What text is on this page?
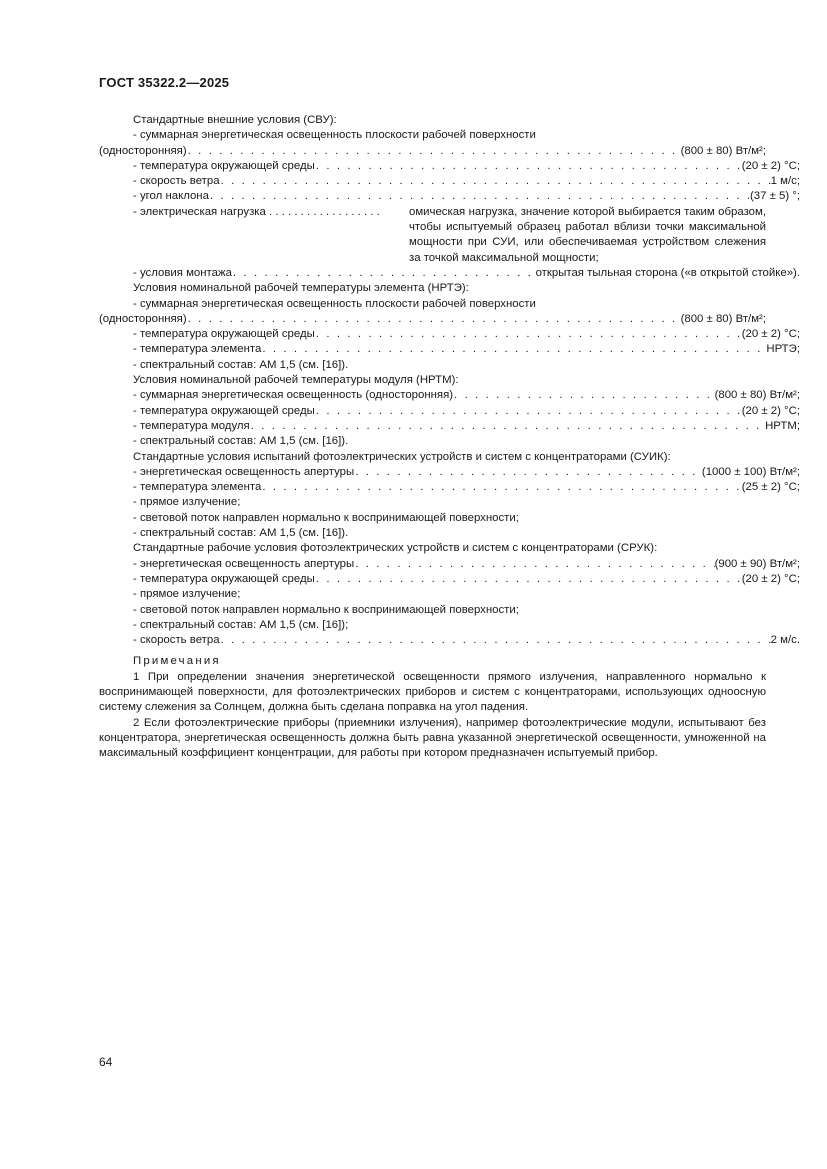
ГОСТ 35322.2—2025
Стандартные внешние условия (СВУ):
- суммарная энергетическая освещенность плоскости рабочей поверхности
(односторонняя) . . .	(800 ± 80) Вт/м²;
- температура окружающей среды . . .	(20 ± 2) °C;
- скорость ветра . . .	1 м/с;
- угол наклона . . .	(37 ± 5) °;
- электрическая нагрузка . . . . . . . . . . . . . . . . . .	омическая нагрузка, значение которой выбирается таким образом, чтобы испытуемый образец работал вблизи точки максимальной мощности при СУИ, или обеспечиваемая устройством слежения за точкой максимальной мощности;
- условия монтажа . . .	открытая тыльная сторона («в открытой стойке»).
Условия номинальной рабочей температуры элемента (НРТЭ):
- суммарная энергетическая освещенность плоскости рабочей поверхности
(односторонняя) . . .	(800 ± 80) Вт/м²;
- температура окружающей среды . . .	(20 ± 2) °C;
- температура элемента . . .	НРТЭ;
- спектральный состав: АМ 1,5 (см. [16]).
Условия номинальной рабочей температуры модуля (НРТМ):
- суммарная энергетическая освещенность (односторонняя) . . .	(800 ± 80) Вт/м²;
- температура окружающей среды . . .	(20 ± 2) °C;
- температура модуля . . .	НРТМ;
- спектральный состав: АМ 1,5 (см. [16]).
Стандартные условия испытаний фотоэлектрических устройств и систем с концентраторами (СУИК):
- энергетическая освещенность апертуры . . .	(1000 ± 100) Вт/м²;
- температура элемента . . .	(25 ± 2) °C;
- прямое излучение;
- световой поток направлен нормально к воспринимающей поверхности;
- спектральный состав: АМ 1,5 (см. [16]).
Стандартные рабочие условия фотоэлектрических устройств и систем с концентраторами (СРУК):
- энергетическая освещенность апертуры . . .	(900 ± 90) Вт/м²;
- температура окружающей среды . . .	(20 ± 2) °C;
- прямое излучение;
- световой поток направлен нормально к воспринимающей поверхности;
- спектральный состав: АМ 1,5 (см. [16]);
- скорость ветра . . .	2 м/с.
Примечания
1 При определении значения энергетической освещенности прямого излучения, направленного нормально к воспринимающей поверхности, для фотоэлектрических приборов и систем с концентраторами, использующих одноосную систему слежения за Солнцем, должна быть сделана поправка на угол падения.
2 Если фотоэлектрические приборы (приемники излучения), например фотоэлектрические модули, испытывают без концентратора, энергетическая освещенность должна быть равна указанной энергетической освещенности, умноженной на максимальный коэффициент концентрации, для работы при котором предназначен испытуемый прибор.
64
